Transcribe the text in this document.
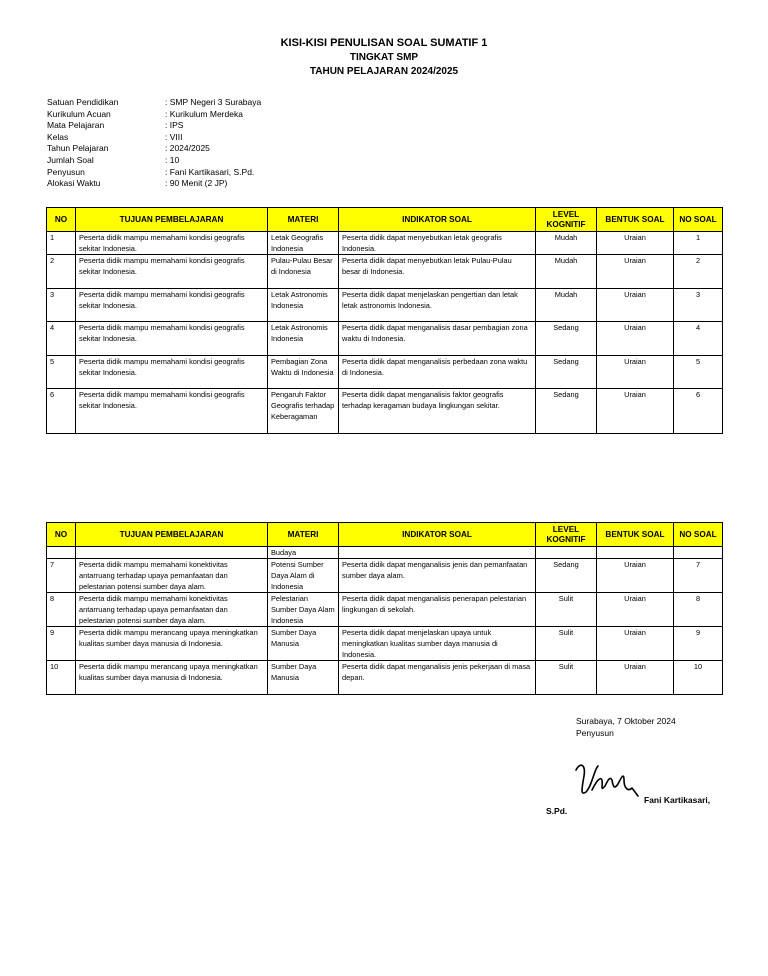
KISI-KISI PENULISAN SOAL SUMATIF 1
TINGKAT SMP
TAHUN PELAJARAN 2024/2025
Satuan Pendidikan	: SMP Negeri 3 Surabaya
Kurikulum Acuan	: Kurikulum Merdeka
Mata Pelajaran	: IPS
Kelas	: VIII
Tahun Pelajaran	: 2024/2025
Jumlah Soal	: 10
Penyusun	: Fani Kartikasari, S.Pd.
Alokasi Waktu	: 90 Menit (2 JP)
NO	TUJUAN PEMBELAJARAN	MATERI	INDIKATOR SOAL	LEVEL KOGNITIF	BENTUK SOAL	NO SOAL
1	Peserta didik mampu memahami kondisi geografis sekitar Indonesia.	Letak Geografis Indonesia	Peserta didik dapat menyebutkan letak geografis Indonesia.	Mudah	Uraian	1
2	Peserta didik mampu memahami kondisi geografis sekitar Indonesia.	Pulau-Pulau Besar di Indonesia	Peserta didik dapat menyebutkan letak Pulau-Pulau besar di Indonesia.	Mudah	Uraian	2
3	Peserta didik mampu memahami kondisi geografis sekitar Indonesia.	Letak Astronomis Indonesia	Peserta didik dapat menjelaskan pengertian dan letak letak astronomis Indonesia.	Mudah	Uraian	3
4	Peserta didik mampu memahami kondisi geografis sekitar Indonesia.	Letak Astronomis Indonesia	Peserta didik dapat menganalisis dasar pembagian zona waktu di Indonesia.	Sedang	Uraian	4
5	Peserta didik mampu memahami kondisi geografis sekitar Indonesia.	Pembagian Zona Waktu di Indonesia	Peserta didik dapat menganalisis perbedaan zona waktu di Indonesia.	Sedang	Uraian	5
6	Peserta didik mampu memahami kondisi geografis sekitar Indonesia.	Pengaruh Faktor Geografis terhadap Keberagaman	Peserta didik dapat menganalisis faktor geografis terhadap keragaman budaya lingkungan sekitar.	Sedang	Uraian	6
NO	TUJUAN PEMBELAJARAN	MATERI	INDIKATOR SOAL	LEVEL KOGNITIF	BENTUK SOAL	NO SOAL
		Budaya				
7	Peserta didik mampu memahami konektivitas antarruang terhadap upaya pemanfaatan dan pelestarian potensi sumber daya alam.	Potensi Sumber Daya Alam di Indonesia	Peserta didik dapat menganalisis jenis dan pemanfaatan sumber daya alam.	Sedang	Uraian	7
8	Peserta didik mampu memahami konektivitas antarruang terhadap upaya pemanfaatan dan pelestarian potensi sumber daya alam.	Pelestarian Sumber Daya Alam Indonesia	Peserta didik dapat menganalisis penerapan pelestarian lingkungan di sekolah.	Sulit	Uraian	8
9	Peserta didik mampu merancang upaya meningkatkan kualitas sumber daya manusia di Indonesia.	Sumber Daya Manusia	Peserta didik dapat menjelaskan upaya untuk meningkatkan kualitas sumber daya manusia di Indonesia.	Sulit	Uraian	9
10	Peserta didik mampu merancang upaya meningkatkan kualitas sumber daya manusia di Indonesia.	Sumber Daya Manusia	Peserta didik dapat menganalisis jenis pekerjaan di masa depan.	Sulit	Uraian	10
Surabaya, 7 Oktober 2024
Penyusun
Fani Kartikasari,
S.Pd.
